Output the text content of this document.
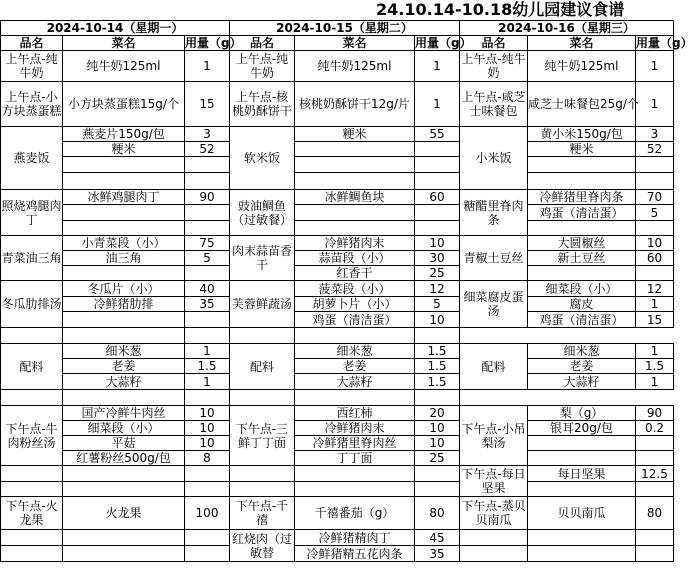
24.10.14-10.18幼儿园建议食谱
2024-10-14（星期一）			2024-10-15（星期二）			2024-10-16（星期三）		
品名	菜名	用量（g）	品名	菜名	用量（g）	品名	菜名	用量（g）
上午点-纯牛奶	纯牛奶125ml	1	上午点-纯牛奶	纯牛奶125ml	1	上午点-纯牛奶	纯牛奶125ml	1

上午点-小方块蒸蛋糕	小方块蒸蛋糕15g/个	15	上午点-核桃奶酥饼干	核桃奶酥饼干12g/片	1	上午点-咸芝士味餐包	咸芝士味餐包25g/个	1

燕麦饭	燕麦片150g/包	3	软米饭	粳米	55	小米饭	黄小米150g/包	3
	粳米	52					粳米	52

照烧鸡腿肉丁	冰鲜鸡腿肉丁	90	豉油鲷鱼（过敏餐）	冰鲜鲷鱼块	60	糖醋里脊肉条	冷鲜猪里脊肉条	70
							鸡蛋（清洁蛋）	5

青菜油三角	小青菜段（小）	75	肉末蒜苗香干	冷鲜猪肉末	10	青椒土豆丝	大圆椒丝	10
	油三角	5		蒜苗段（小）	30		新土豆丝	60
				红香干	25			
冬瓜肋排汤	冬瓜片（小）	40	芙蓉鲜蔬汤	菠菜段（小）	12	细菜腐皮蛋汤	细菜段（小）	12
	冷鲜猪肋排	35		胡萝卜片（小）	5		腐皮	1
				鸡蛋（清洁蛋）	10		鸡蛋（清洁蛋）	15

配料	细米葱	1	配料	细米葱	1.5	配料	细米葱	1
	老姜	1.5		老姜	1.5		老姜	1.5
	大蒜籽	1		大蒜籽	1.5		大蒜籽	1

下午点-牛肉粉丝汤	国产冷鲜牛肉丝	10	下午点-三鲜丁丁面	西红柿	20	下午点-小吊梨汤	梨（g）	90
	细菜段（小）	10		冷鲜猪肉末	10		银耳20g/包	0.2
	平菇	10		冷鲜猪里脊肉丝	10			
	红薯粉丝500g/包	8		丁丁面	25			
						下午点-每日坚果	每日坚果	12.5

下午点-火龙果	火龙果	100	下午点-千禧	千禧番茄（g）	80	下午点-蒸贝贝南瓜	贝贝南瓜	80
			红烧肉（过敏替	冷鲜猪精肉丁	45			
				冷鲜猪精五花肉条	35			
